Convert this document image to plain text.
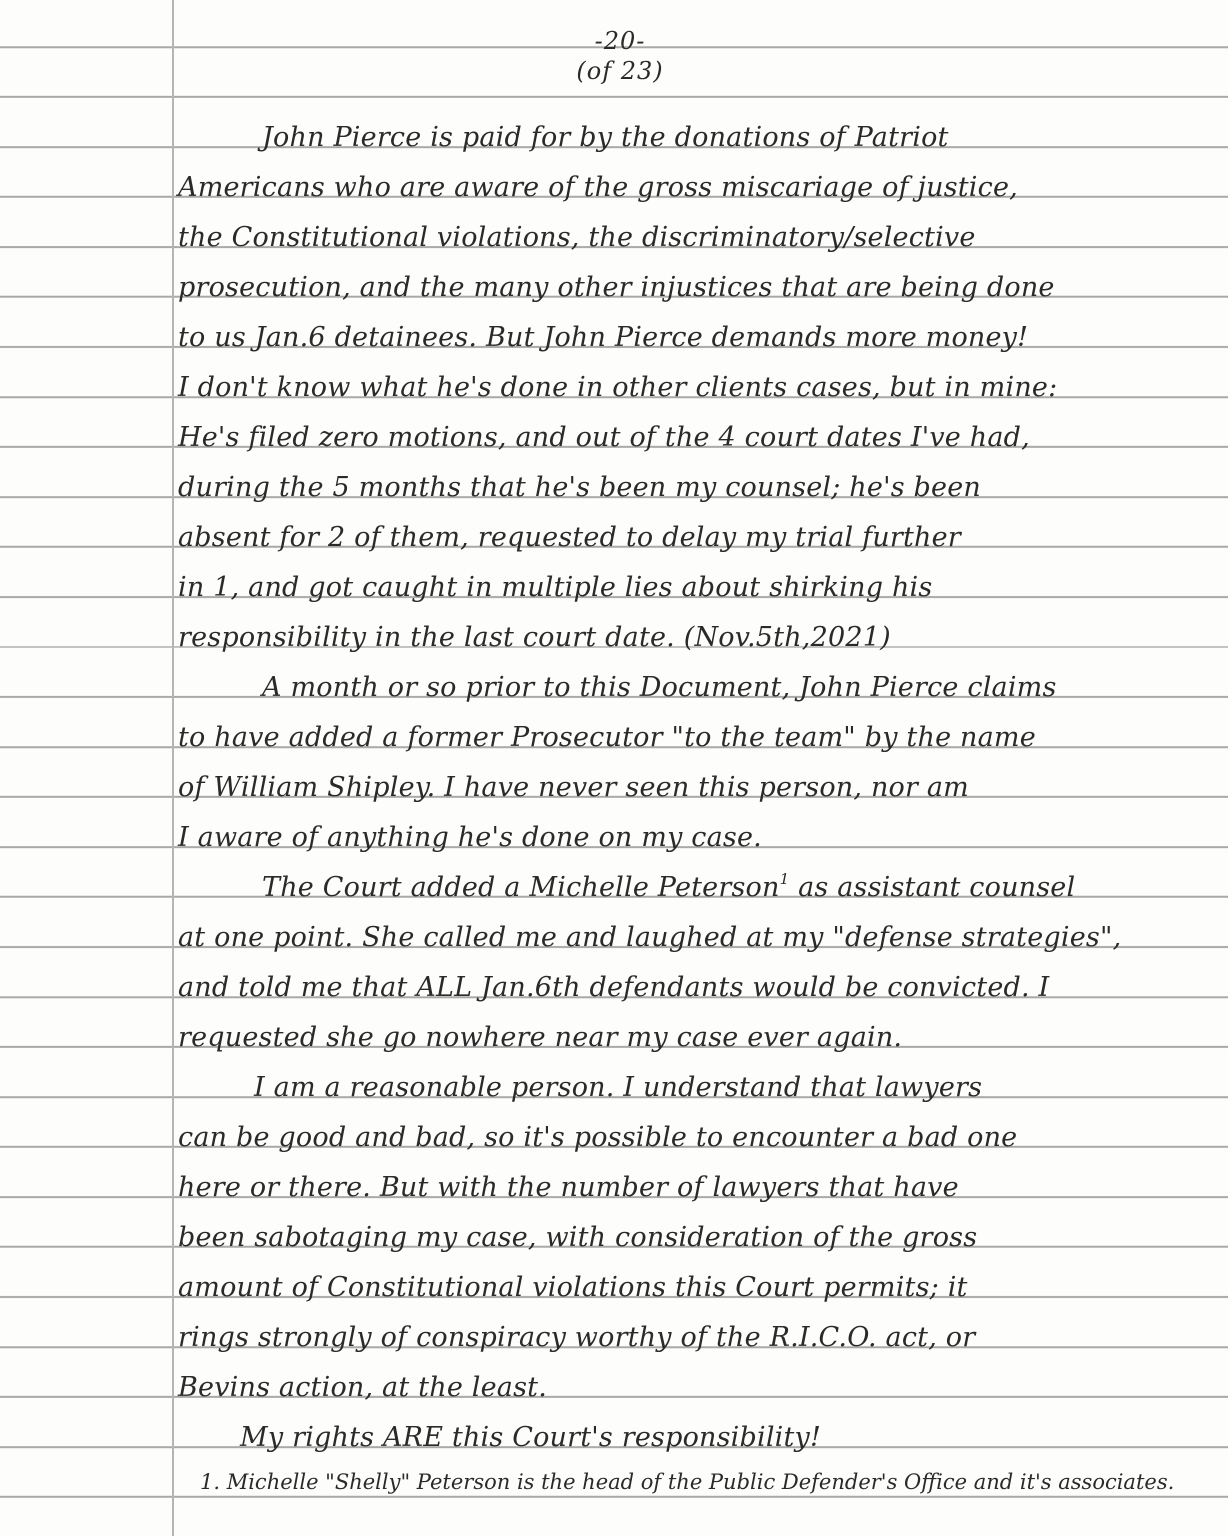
-20-
(of 23)
John Pierce is paid for by the donations of Patriot
Americans who are aware of the gross miscariage of justice,
the Constitutional violations, the discriminatory/selective
prosecution, and the many other injustices that are being done
to us Jan.6 detainees. But John Pierce demands more money!
I don't know what he's done in other clients cases, but in mine:
He's filed zero motions, and out of the 4 court dates I've had,
during the 5 months that he's been my counsel; he's been
absent for 2 of them, requested to delay my trial further
in 1, and got caught in multiple lies about shirking his
responsibility in the last court date. (Nov.5th,2021)
A month or so prior to this Document, John Pierce claims
to have added a former Prosecutor "to the team" by the name
of William Shipley. I have never seen this person, nor am
I aware of anything he's done on my case.
The Court added a Michelle Peterson$^1$ as assistant counsel
at one point. She called me and laughed at my "defense strategies",
and told me that ALL Jan.6th defendants would be convicted. I
requested she go nowhere near my case ever again.
I am a reasonable person. I understand that lawyers
can be good and bad, so it's possible to encounter a bad one
here or there. But with the number of lawyers that have
been sabotaging my case, with consideration of the gross
amount of Constitutional violations this Court permits; it
rings strongly of conspiracy worthy of the R.I.C.O. act, or
Bevins action, at the least.
My rights ARE this Court's responsibility!
1. Michelle "Shelly" Peterson is the head of the Public Defender's Office and it's associates.
